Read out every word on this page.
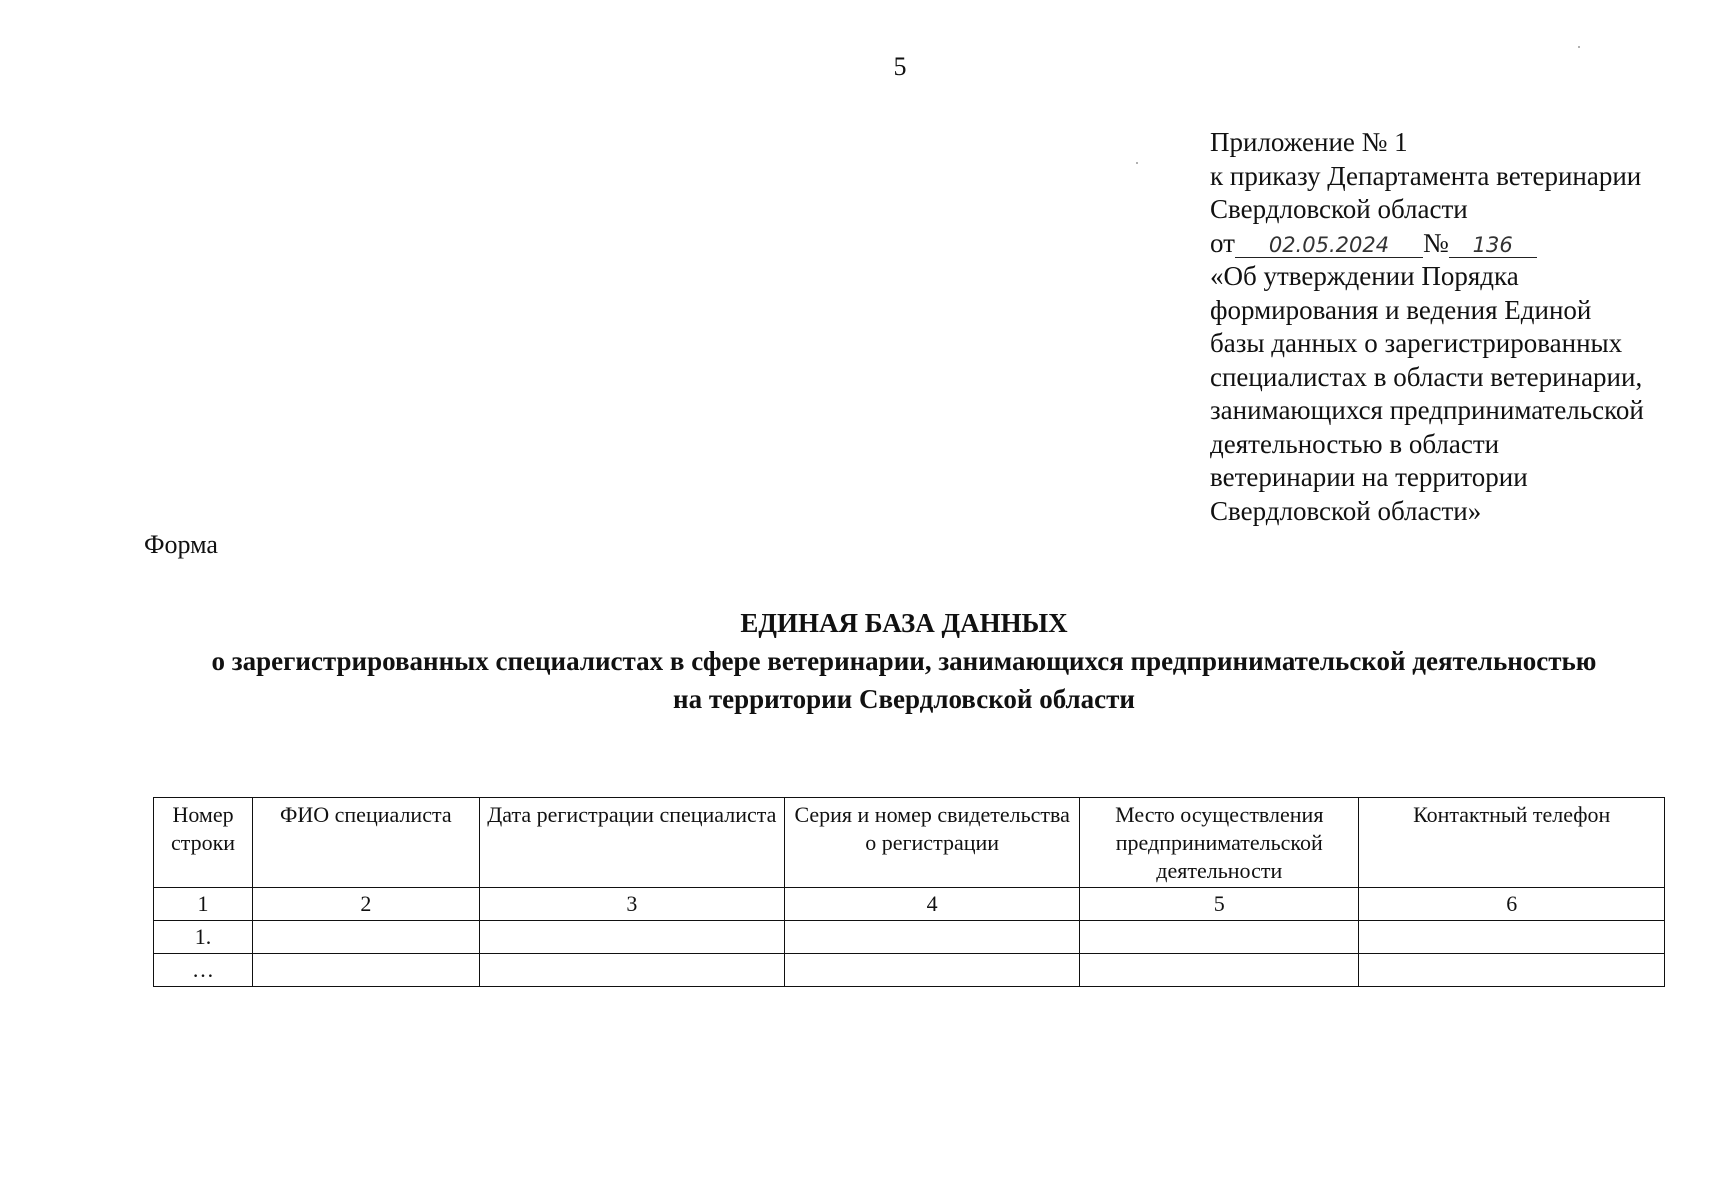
5
Приложение № 1
к приказу Департамента ветеринарии
Свердловской области
от 02.05.2024 № 136
«Об утверждении Порядка
формирования и ведения Единой
базы данных о зарегистрированных
специалистах в области ветеринарии,
занимающихся предпринимательской
деятельностью в области
ветеринарии на территории
Свердловской области»
Форма
ЕДИНАЯ БАЗА ДАННЫХ
о зарегистрированных специалистах в сфере ветеринарии, занимающихся предпринимательской деятельностью
на территории Свердловской области
Номер строки	ФИО специалиста	Дата регистрации специалиста	Серия и номер свидетельства о регистрации	Место осуществления предпринимательской деятельности	Контактный телефон
1	2	3	4	5	6
1.					
…					
